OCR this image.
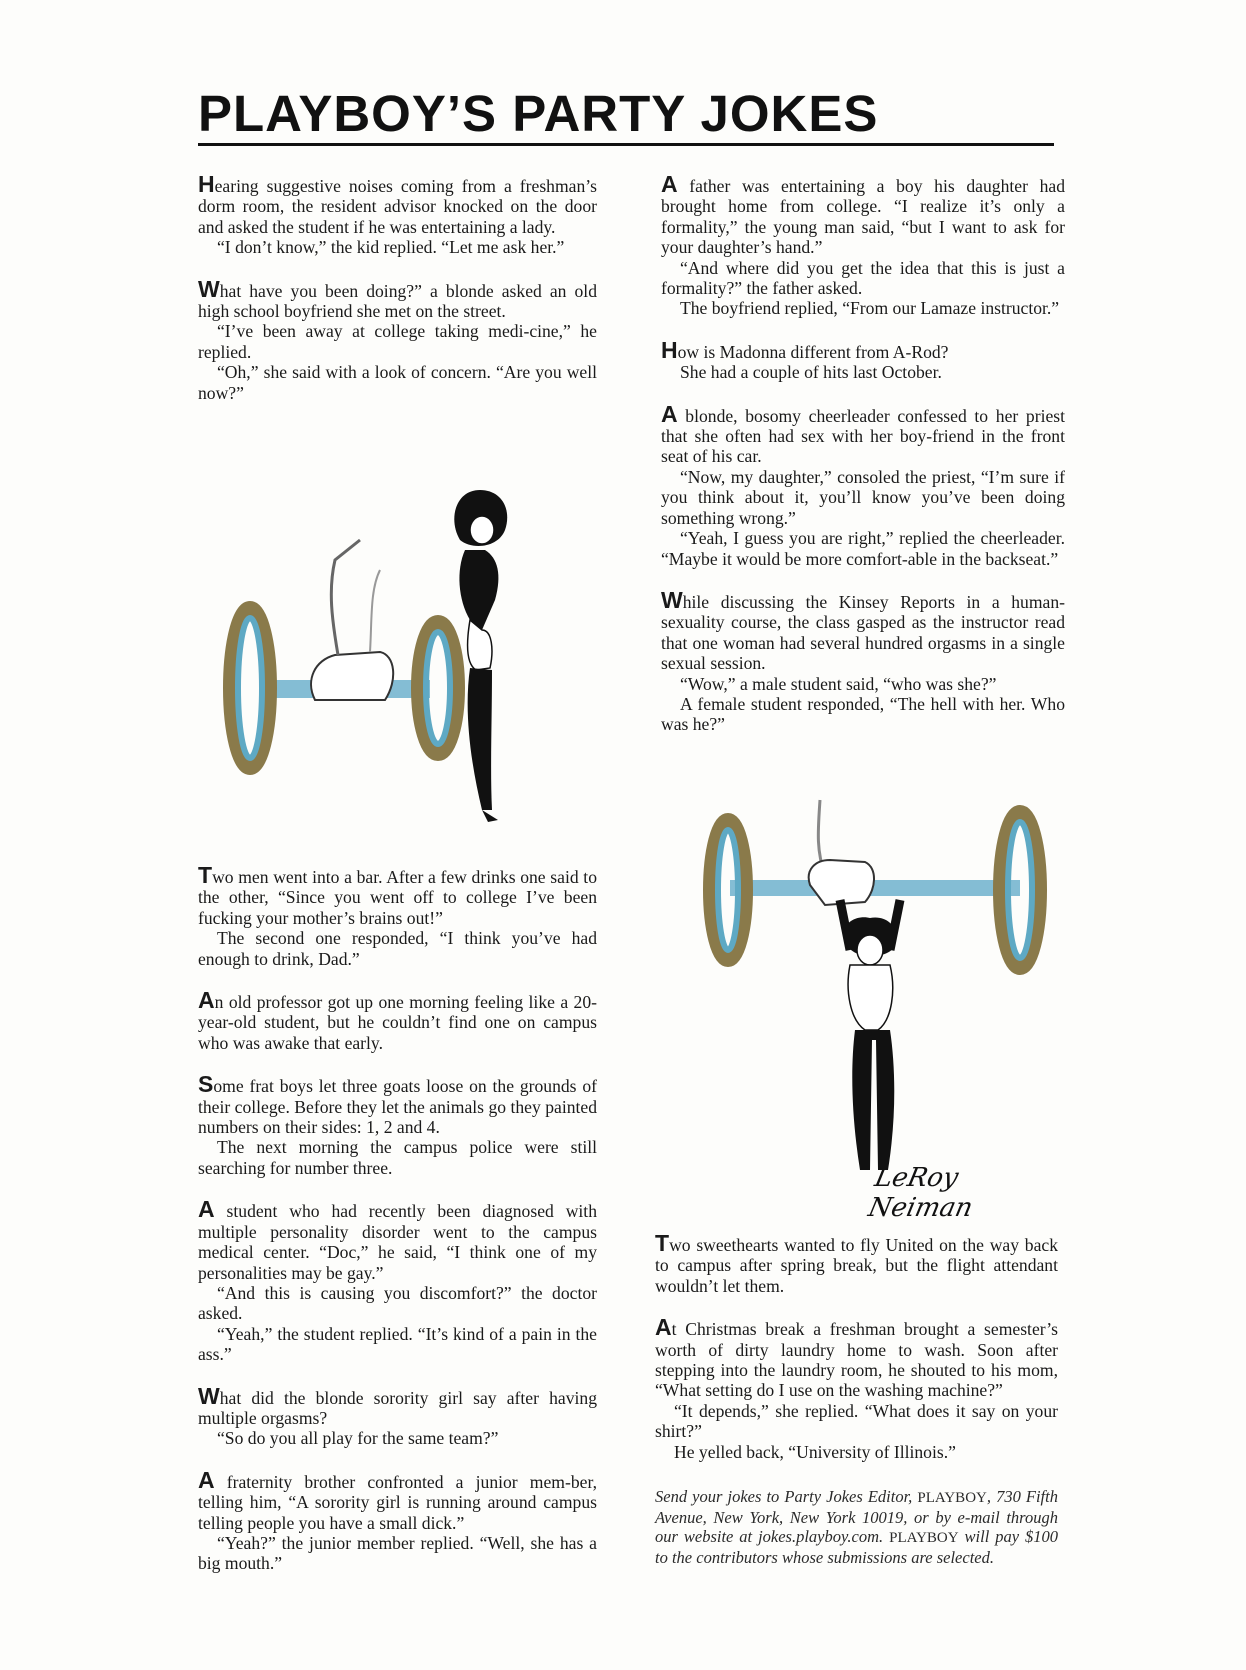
PLAYBOY’S PARTY JOKES

Hearing suggestive noises coming from a freshman’s dorm room, the resident advisor knocked on the door and asked the student if he was entertaining a lady.

“I don’t know,” the kid replied. “Let me ask her.”

What have you been doing?” a blonde asked an old high school boyfriend she met on the street.

“I’ve been away at college taking medi-cine,” he replied.

“Oh,” she said with a look of concern. “Are you well now?”

Two men went into a bar. After a few drinks one said to the other, “Since you went off to college I’ve been fucking your mother’s brains out!”

The second one responded, “I think you’ve had enough to drink, Dad.”

An old professor got up one morning feeling like a 20-year-old student, but he couldn’t find one on campus who was awake that early.

Some frat boys let three goats loose on the grounds of their college. Before they let the animals go they painted numbers on their sides: 1, 2 and 4.

The next morning the campus police were still searching for number three.

A student who had recently been diagnosed with multiple personality disorder went to the campus medical center. “Doc,” he said, “I think one of my personalities may be gay.”

“And this is causing you discomfort?” the doctor asked.

“Yeah,” the student replied. “It’s kind of a pain in the ass.”

What did the blonde sorority girl say after having multiple orgasms?

“So do you all play for the same team?”

A fraternity brother confronted a junior mem-ber, telling him, “A sorority girl is running around campus telling people you have a small dick.”

“Yeah?” the junior member replied. “Well, she has a big mouth.”

A father was entertaining a boy his daughter had brought home from college. “I realize it’s only a formality,” the young man said, “but I want to ask for your daughter’s hand.”

“And where did you get the idea that this is just a formality?” the father asked.

The boyfriend replied, “From our Lamaze instructor.”

How is Madonna different from A-Rod?

She had a couple of hits last October.

A blonde, bosomy cheerleader confessed to her priest that she often had sex with her boy-friend in the front seat of his car.

“Now, my daughter,” consoled the priest, “I’m sure if you think about it, you’ll know you’ve been doing something wrong.”

“Yeah, I guess you are right,” replied the cheerleader. “Maybe it would be more comfort-able in the backseat.”

While discussing the Kinsey Reports in a human-sexuality course, the class gasped as the instructor read that one woman had several hundred orgasms in a single sexual session.

“Wow,” a male student said, “who was she?”

A female student responded, “The hell with her. Who was he?”

LeRoy Neiman

Two sweethearts wanted to fly United on the way back to campus after spring break, but the flight attendant wouldn’t let them.

At Christmas break a freshman brought a semester’s worth of dirty laundry home to wash. Soon after stepping into the laundry room, he shouted to his mom, “What setting do I use on the washing machine?”

“It depends,” she replied. “What does it say on your shirt?”

He yelled back, “University of Illinois.”

Send your jokes to Party Jokes Editor, PLAYBOY, 730 Fifth Avenue, New York, New York 10019, or by e-mail through our website at jokes.playboy.com. PLAYBOY will pay $100 to the contributors whose submissions are selected.
